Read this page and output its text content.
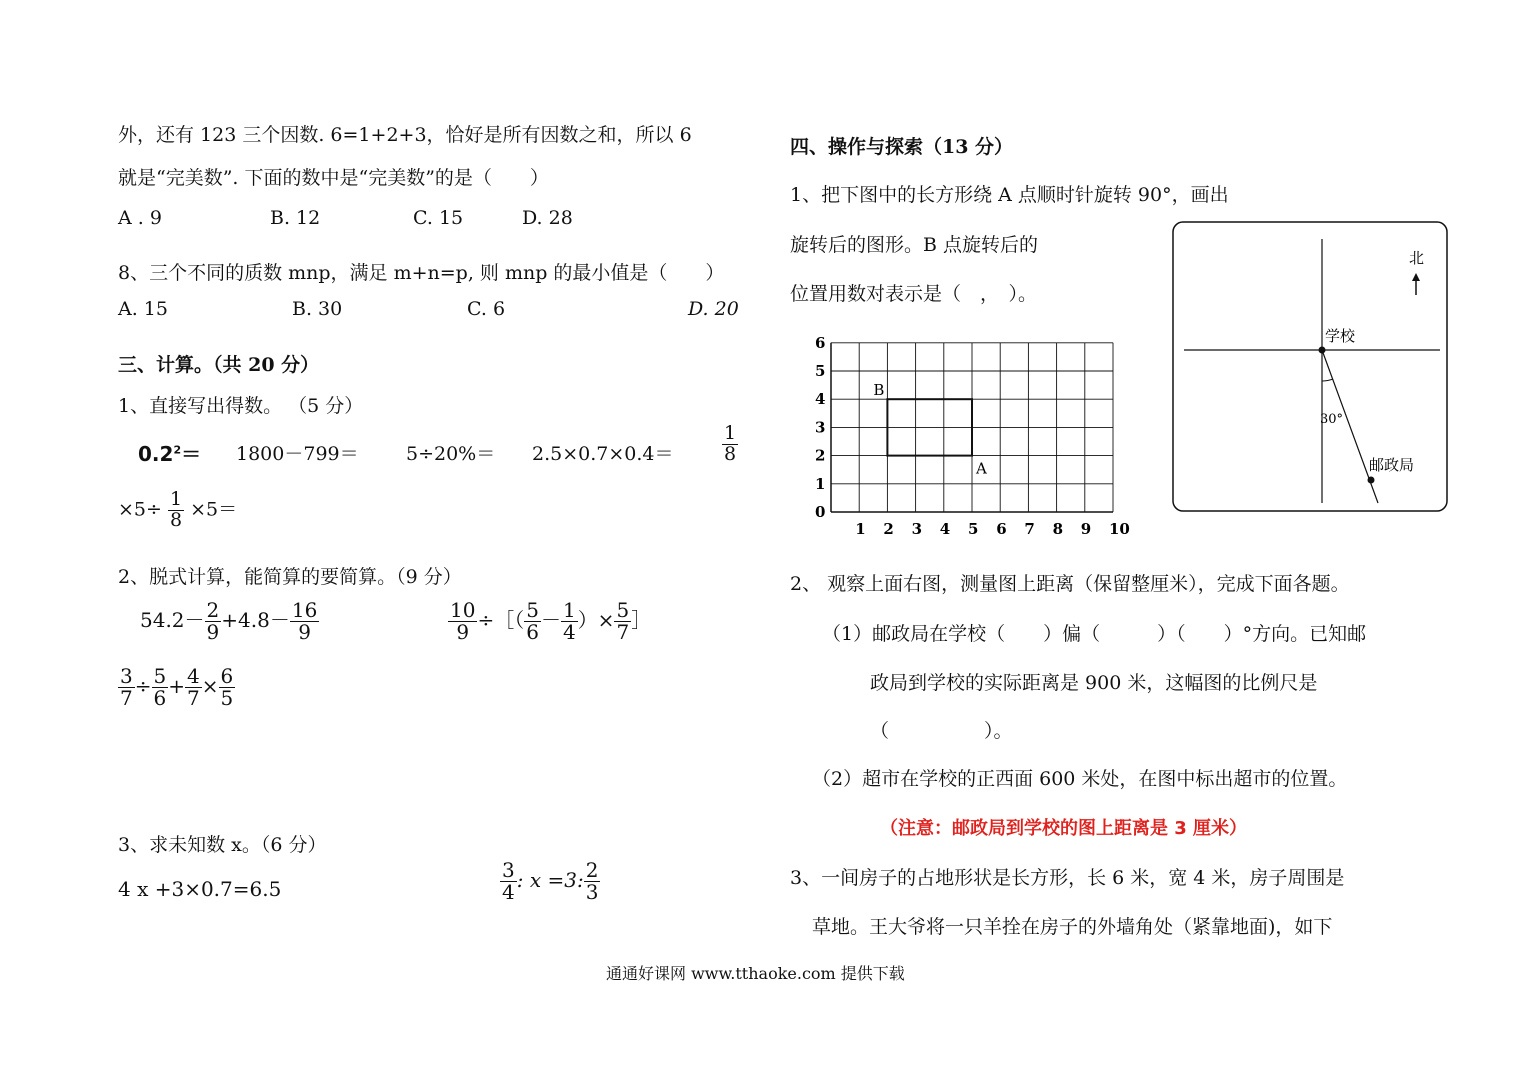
外，还有 123 三个因数. 6=1+2+3，恰好是所有因数之和，所以 6
就是“完美数”. 下面的数中是“完美数”的是（　　）
A . 9	B. 12	C. 15	D. 28
8、三个不同的质数 mnp，满足 m+n=p, 则 mnp 的最小值是（　　）
A. 15	B. 30	C. 6	D. 20
三、计算。（共 20 分）
1、直接写出得数。 （5 分）
$0.2^2= 1800-799= 5\div 20\%= 2.5\times 0.7\times 0.4=$	$\frac{1}{8}$
$\times 5\div \frac{1}{8} \times 5=$
2、脱式计算，能简算的要简算。（9 分）
$54.2- \frac{2}{9} +4.8- \frac{16}{9}$	$\frac{10}{9}$ ÷［（ $\frac{5}{6} - \frac{1}{4}$ ）× $\frac{5}{7}$ ］
$\frac{3}{7} \div \frac{5}{6} + \frac{4}{7} \times \frac{6}{5}$
3、求未知数 x。（6 分）
4 x +3×0.7=6.5	$\frac{3}{4}$ : x =3: $\frac{2}{3}$
四、操作与探索（13 分）
1、把下图中的长方形绕 A 点顺时针旋转 90°，画出
旋转后的图形。B 点旋转后的
位置用数对表示是（　，　）。
0
1
2
3
4
5
6
1 2 3 4 5 6 7 8 9 10
B
A
北
学校
30°
邮政局
2、 观察上面右图，测量图上距离（保留整厘米），完成下面各题。
（1）邮政局在学校（　　）偏（　　　）（　　）°方向。已知邮
政局到学校的实际距离是 900 米，这幅图的比例尺是
（　　　　　）。
（2）超市在学校的正西面 600 米处，在图中标出超市的位置。
（注意：邮政局到学校的图上距离是 3 厘米）
3、一间房子的占地形状是长方形，长 6 米，宽 4 米，房子周围是
草地。王大爷将一只羊拴在房子的外墙角处（紧靠地面)，如下
通通好课网 www.tthaoke.com 提供下载
